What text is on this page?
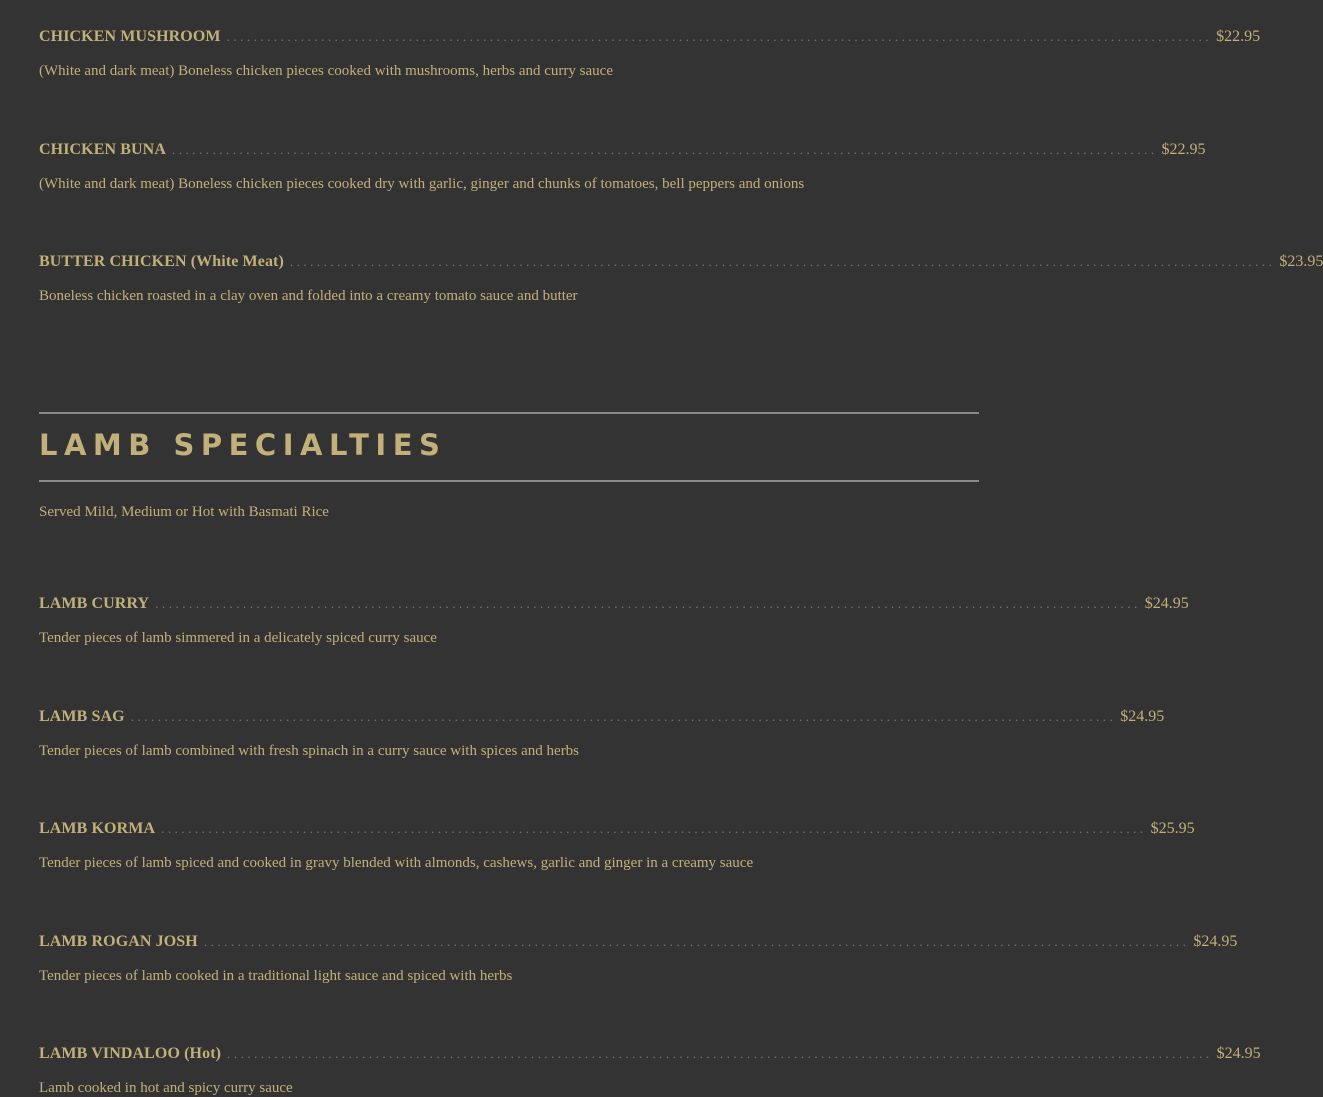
CHICKEN MUSHROOM .................................................................................................................................................. $22.95
(White and dark meat) Boneless chicken pieces cooked with mushrooms, herbs and curry sauce
CHICKEN BUNA .................................................................................................................................................. $22.95
(White and dark meat) Boneless chicken pieces cooked dry with garlic, ginger and chunks of tomatoes, bell peppers and onions
BUTTER CHICKEN (White Meat) .................................................................................................................................................. $23.95
Boneless chicken roasted in a clay oven and folded into a creamy tomato sauce and butter
LAMB SPECIALTIES
Served Mild, Medium or Hot with Basmati Rice
LAMB CURRY .................................................................................................................................................. $24.95
Tender pieces of lamb simmered in a delicately spiced curry sauce
LAMB SAG .................................................................................................................................................. $24.95
Tender pieces of lamb combined with fresh spinach in a curry sauce with spices and herbs
LAMB KORMA .................................................................................................................................................. $25.95
Tender pieces of lamb spiced and cooked in gravy blended with almonds, cashews, garlic and ginger in a creamy sauce
LAMB ROGAN JOSH .................................................................................................................................................. $24.95
Tender pieces of lamb cooked in a traditional light sauce and spiced with herbs
LAMB VINDALOO (Hot) .................................................................................................................................................. $24.95
Lamb cooked in hot and spicy curry sauce
